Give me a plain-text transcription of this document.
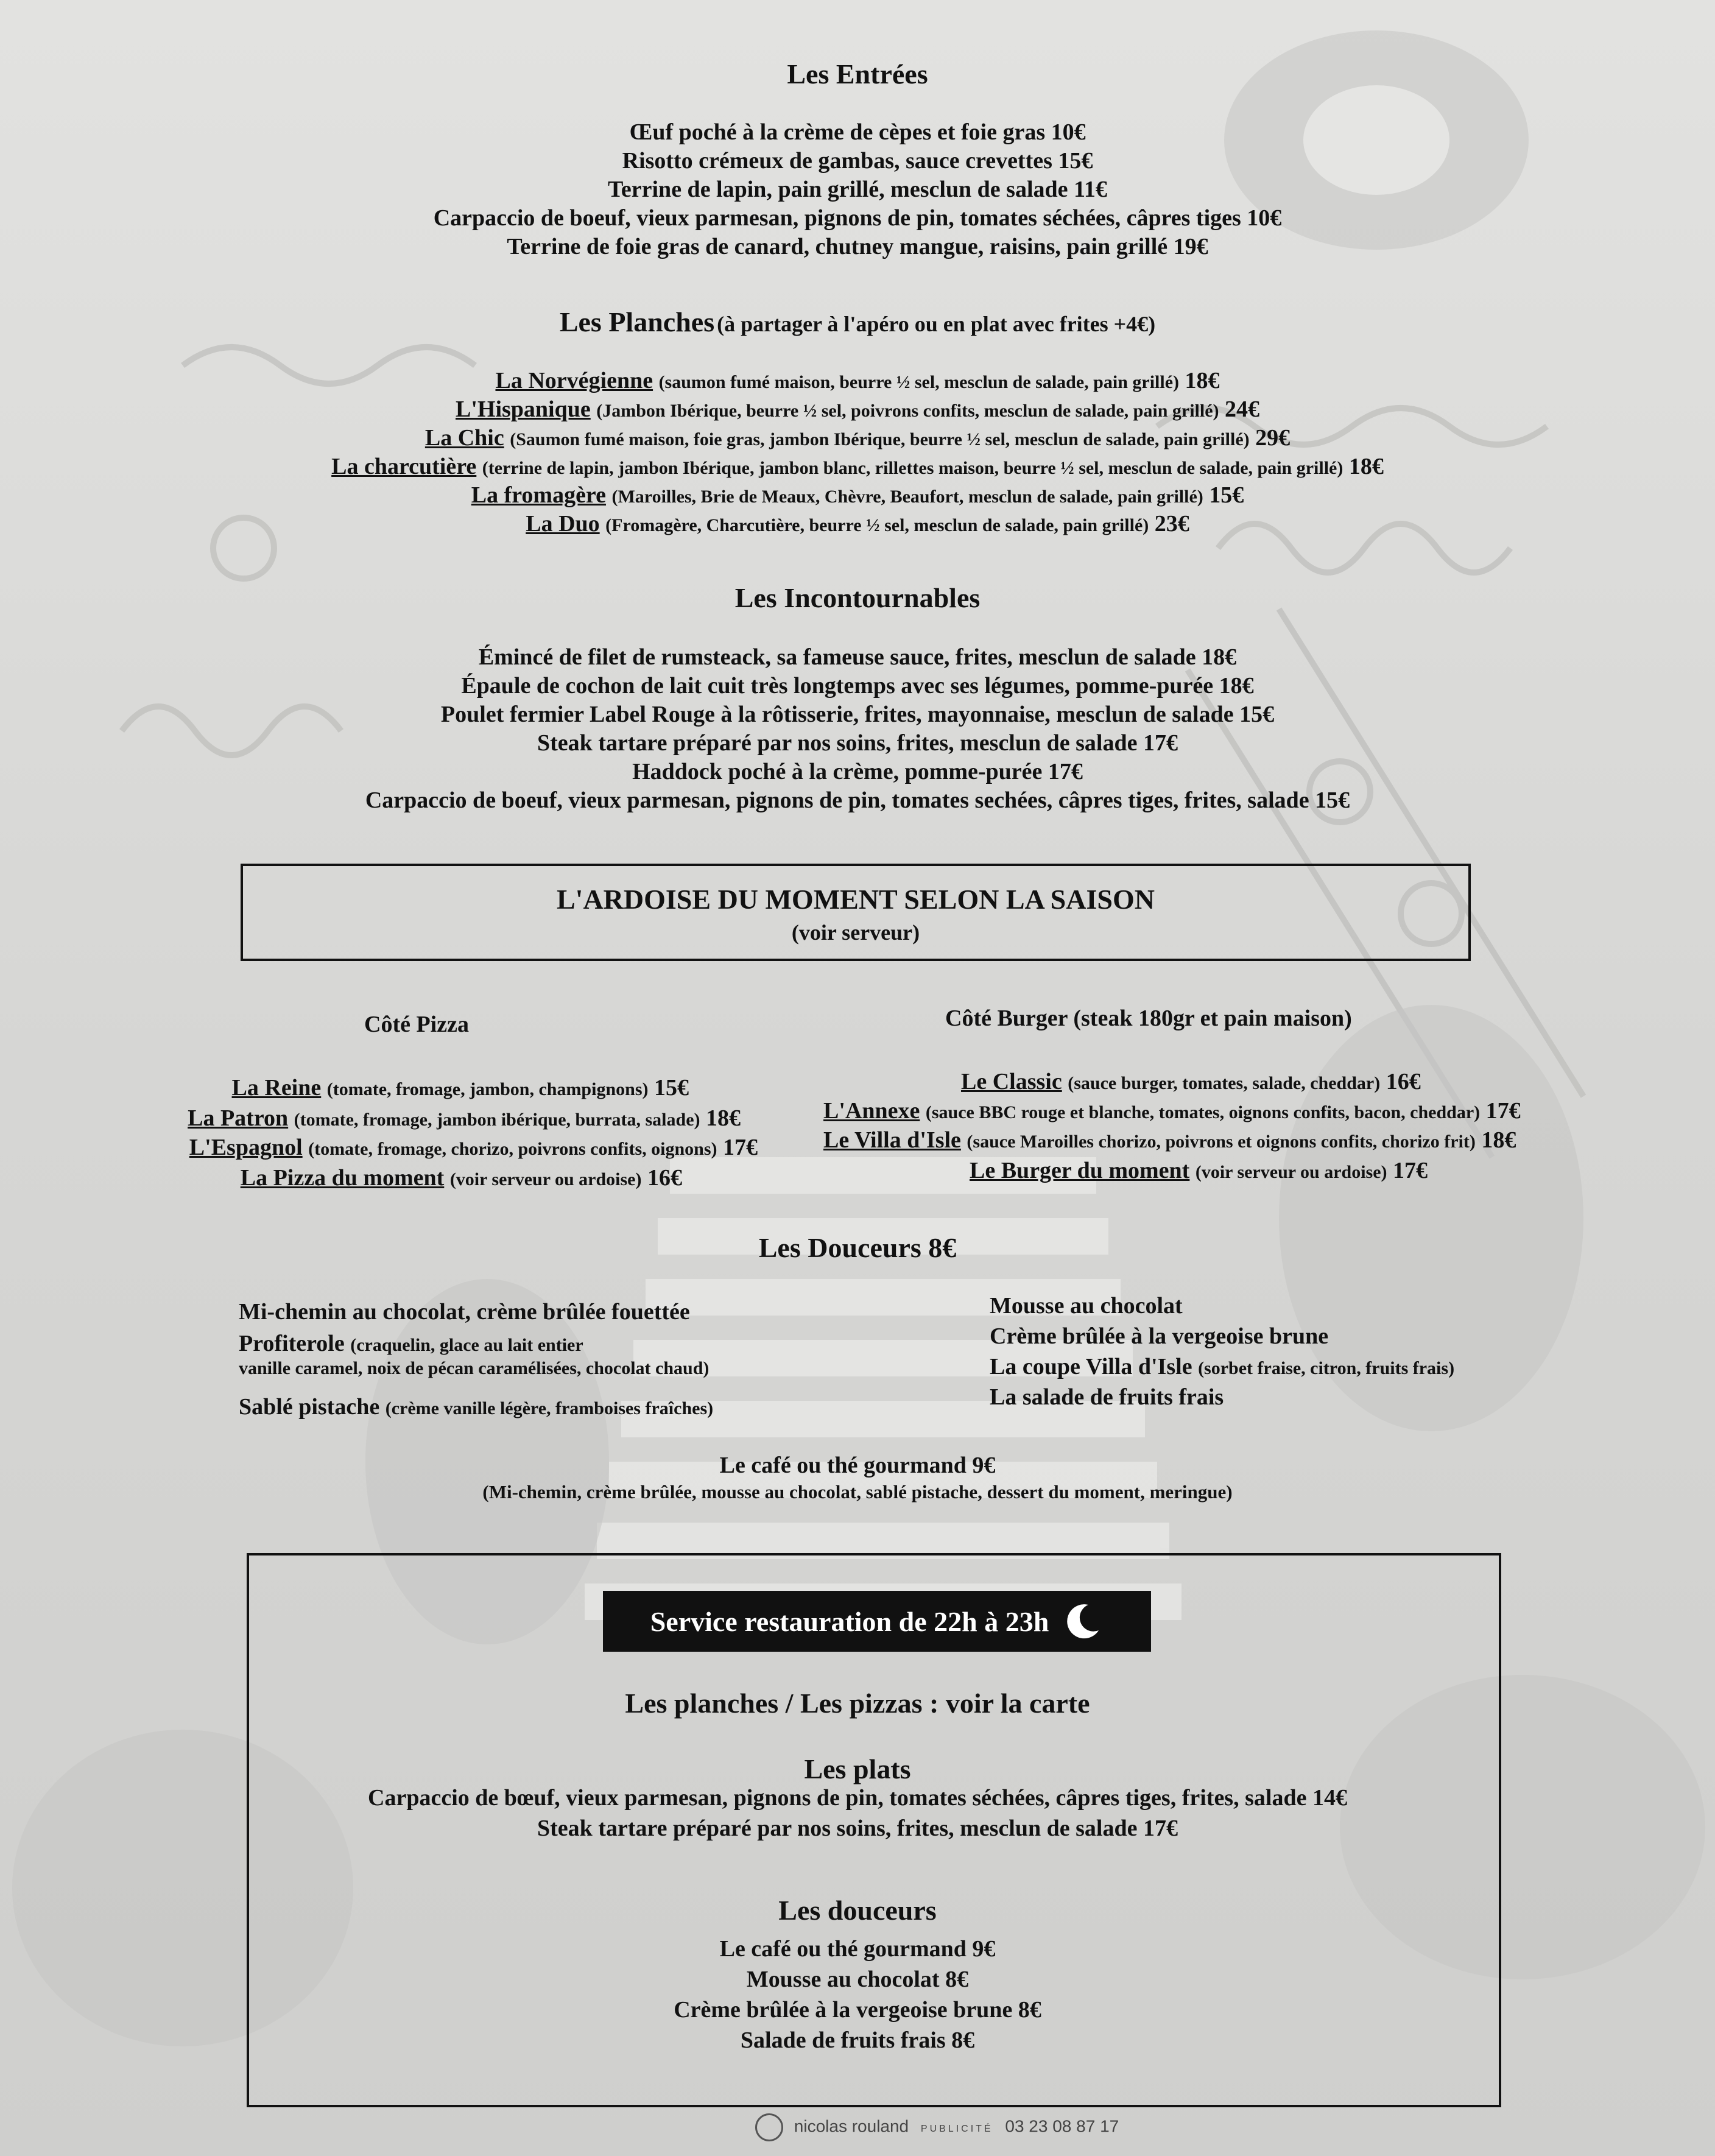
Les Entrées
Œuf poché à la crème de cèpes et foie gras 10€
Risotto crémeux de gambas, sauce crevettes 15€
Terrine de lapin, pain grillé, mesclun de salade 11€
Carpaccio de boeuf, vieux parmesan, pignons de pin, tomates séchées, câpres tiges 10€
Terrine de foie gras de canard, chutney mangue, raisins, pain grillé 19€
Les Planches (à partager à l'apéro ou en plat avec frites +4€)
La Norvégienne (saumon fumé maison, beurre ½ sel, mesclun de salade, pain grillé) 18€
L'Hispanique (Jambon Ibérique, beurre ½ sel, poivrons confits, mesclun de salade, pain grillé) 24€
La Chic (Saumon fumé maison, foie gras, jambon Ibérique, beurre ½ sel, mesclun de salade, pain grillé) 29€
La charcutière (terrine de lapin, jambon Ibérique, jambon blanc, rillettes maison, beurre ½ sel, mesclun de salade, pain grillé) 18€
La fromagère (Maroilles, Brie de Meaux, Chèvre, Beaufort, mesclun de salade, pain grillé) 15€
La Duo (Fromagère, Charcutière, beurre ½ sel, mesclun de salade, pain grillé) 23€
Les Incontournables
Émincé de filet de rumsteack, sa fameuse sauce, frites, mesclun de salade 18€
Épaule de cochon de lait cuit très longtemps avec ses légumes, pomme-purée 18€
Poulet fermier Label Rouge à la rôtisserie, frites, mayonnaise, mesclun de salade 15€
Steak tartare préparé par nos soins, frites, mesclun de salade 17€
Haddock poché à la crème, pomme-purée 17€
Carpaccio de boeuf, vieux parmesan, pignons de pin, tomates sechées, câpres tiges, frites, salade 15€
L'ARDOISE DU MOMENT SELON LA SAISON
(voir serveur)
Côté Pizza
La Reine (tomate, fromage, jambon, champignons) 15€
La Patron (tomate, fromage, jambon ibérique, burrata, salade) 18€
L'Espagnol (tomate, fromage, chorizo, poivrons confits, oignons) 17€
La Pizza du moment (voir serveur ou ardoise) 16€
Côté Burger (steak 180gr et pain maison)
Le Classic (sauce burger, tomates, salade, cheddar) 16€
L'Annexe (sauce BBC rouge et blanche, tomates, oignons confits, bacon, cheddar) 17€
Le Villa d'Isle (sauce Maroilles chorizo, poivrons et oignons confits, chorizo frit) 18€
Le Burger du moment (voir serveur ou ardoise) 17€
Les Douceurs 8€
Mi-chemin au chocolat, crème brûlée fouettée
Profiterole (craquelin, glace au lait entier
vanille caramel, noix de pécan caramélisées, chocolat chaud)
Sablé pistache (crème vanille légère, framboises fraîches)
Mousse au chocolat
Crème brûlée à la vergeoise brune
La coupe Villa d'Isle (sorbet fraise, citron, fruits frais)
La salade de fruits frais
Le café ou thé gourmand 9€
(Mi-chemin, crème brûlée, mousse au chocolat, sablé pistache, dessert du moment, meringue)
Service restauration de 22h à 23h
Les planches / Les pizzas : voir la carte
Les plats
Carpaccio de bœuf, vieux parmesan, pignons de pin, tomates séchées, câpres tiges, frites, salade 14€
Steak tartare préparé par nos soins, frites, mesclun de salade 17€
Les douceurs
Le café ou thé gourmand 9€
Mousse au chocolat 8€
Crème brûlée à la vergeoise brune 8€
Salade de fruits frais 8€
nicolas rouland PUBLICITÉ 03 23 08 87 17
